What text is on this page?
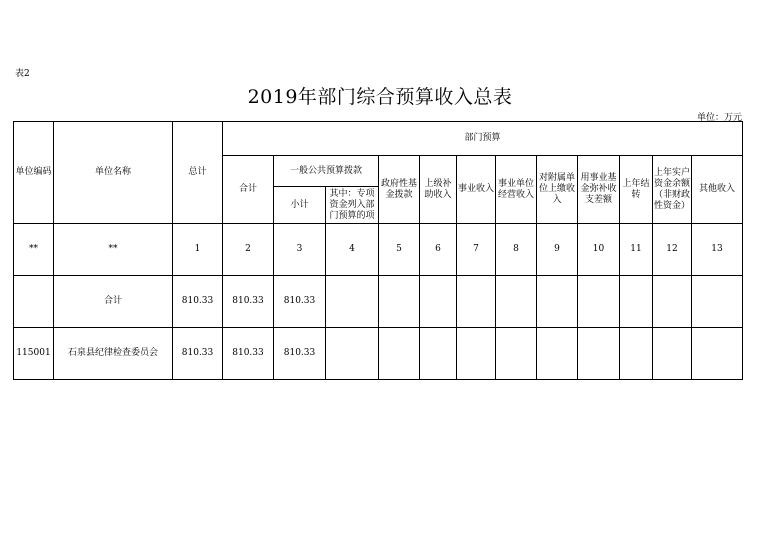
表2
2019年部门综合预算收入总表
单位：万元
单位编码	单位名称	总计	部门预算											
			合计	一般公共预算拨款		政府性基金拨款	上级补助收入	事业收入	事业单位经营收入	对附属单位上缴收入	用事业基金弥补收支差额	上年结转	上年实户资金余额（非财政性资金）	其他收入
				小计	其中：专项资金列入部门预算的项									
**	**	1	2	3	4	5	6	7	8	9	10	11	12	13
	合计	810.33	810.33	810.33										
115001	石泉县纪律检查委员会	810.33	810.33	810.33										
